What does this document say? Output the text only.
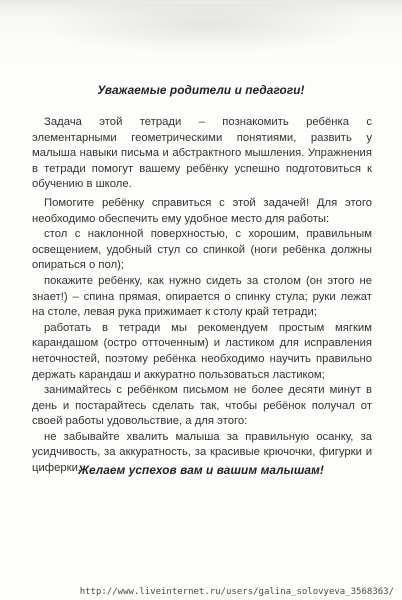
Уважаемые родители и педагоги!

Задача этой тетради – познакомить ребёнка с элементарными геометрическими понятиями, развить у малыша навыки письма и абстрактного мышления. Упражнения в тетради помогут вашему ребёнку успешно подготовиться к обучению в школе.

Помогите ребёнку справиться с этой задачей! Для этого необходимо обеспечить ему удобное место для работы:

стол с наклонной поверхностью, с хорошим, правильным освещением, удобный стул со спинкой (ноги ребёнка должны опираться о пол);

покажите ребёнку, как нужно сидеть за столом (он этого не знает!) – спина прямая, опирается о спинку стула; руки лежат на столе, левая рука прижимает к столу край тетради;

работать в тетради мы рекомендуем простым мягким карандашом (остро отточенным) и ластиком для исправления неточностей, поэтому ребёнка необходимо научить правильно держать карандаш и аккуратно пользоваться ластиком;

занимайтесь с ребёнком письмом не более десяти минут в день и постарайтесь сделать так, чтобы ребёнок получал от своей работы удовольствие, а для этого:

не забывайте хвалить малыша за правильную осанку, за усидчивость, за аккуратность, за красивые крючочки, фигурки и циферки.

Желаем успехов вам и вашим малышам!
http://www.liveinternet.ru/users/galina_solovyeva_3568363/
